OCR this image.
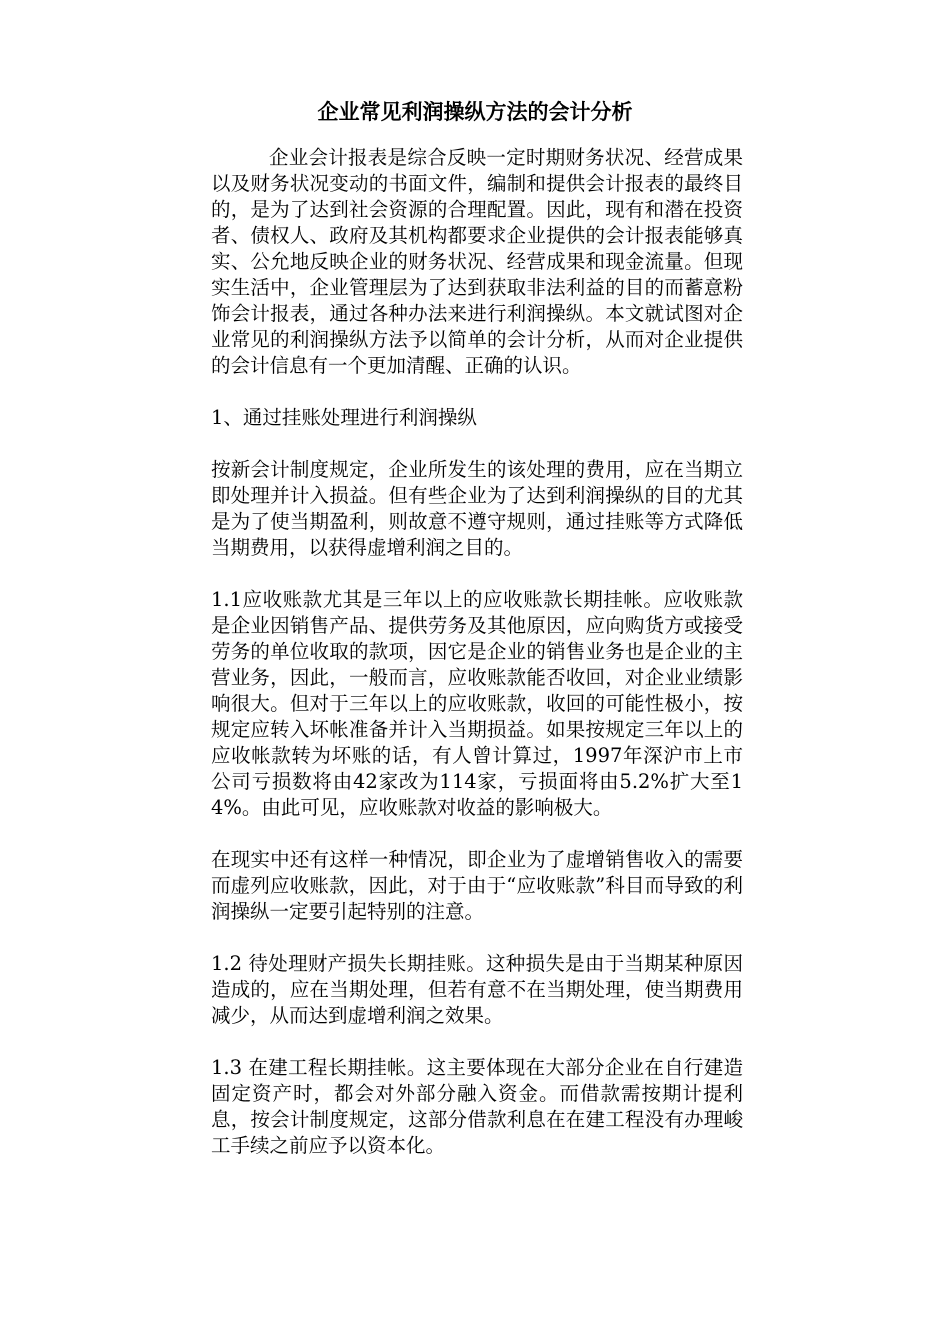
企业常见利润操纵方法的会计分析

企业会计报表是综合反映一定时期财务状况、经营成果以及财务状况变动的书面文件，编制和提供会计报表的最终目的，是为了达到社会资源的合理配置。因此，现有和潜在投资者、债权人、政府及其机构都要求企业提供的会计报表能够真实、公允地反映企业的财务状况、经营成果和现金流量。但现实生活中，企业管理层为了达到获取非法利益的目的而蓄意粉饰会计报表，通过各种办法来进行利润操纵。本文就试图对企业常见的利润操纵方法予以简单的会计分析，从而对企业提供的会计信息有一个更加清醒、正确的认识。

1、通过挂账处理进行利润操纵

按新会计制度规定，企业所发生的该处理的费用，应在当期立即处理并计入损益。但有些企业为了达到利润操纵的目的尤其是为了使当期盈利，则故意不遵守规则，通过挂账等方式降低当期费用，以获得虚增利润之目的。

1.1应收账款尤其是三年以上的应收账款长期挂帐。应收账款是企业因销售产品、提供劳务及其他原因，应向购货方或接受劳务的单位收取的款项，因它是企业的销售业务也是企业的主营业务，因此，一般而言，应收账款能否收回，对企业业绩影响很大。但对于三年以上的应收账款，收回的可能性极小，按规定应转入坏帐准备并计入当期损益。如果按规定三年以上的应收帐款转为坏账的话，有人曾计算过，1997年深沪市上市公司亏损数将由42家改为114家，亏损面将由5.2%扩大至14%。由此可见，应收账款对收益的影响极大。

在现实中还有这样一种情况，即企业为了虚增销售收入的需要而虚列应收账款，因此，对于由于“应收账款”科目而导致的利润操纵一定要引起特别的注意。

1.2 待处理财产损失长期挂账。这种损失是由于当期某种原因造成的，应在当期处理，但若有意不在当期处理，使当期费用减少，从而达到虚增利润之效果。

1.3 在建工程长期挂帐。这主要体现在大部分企业在自行建造固定资产时，都会对外部分融入资金。而借款需按期计提利息，按会计制度规定，这部分借款利息在在建工程没有办理峻工手续之前应予以资本化。
